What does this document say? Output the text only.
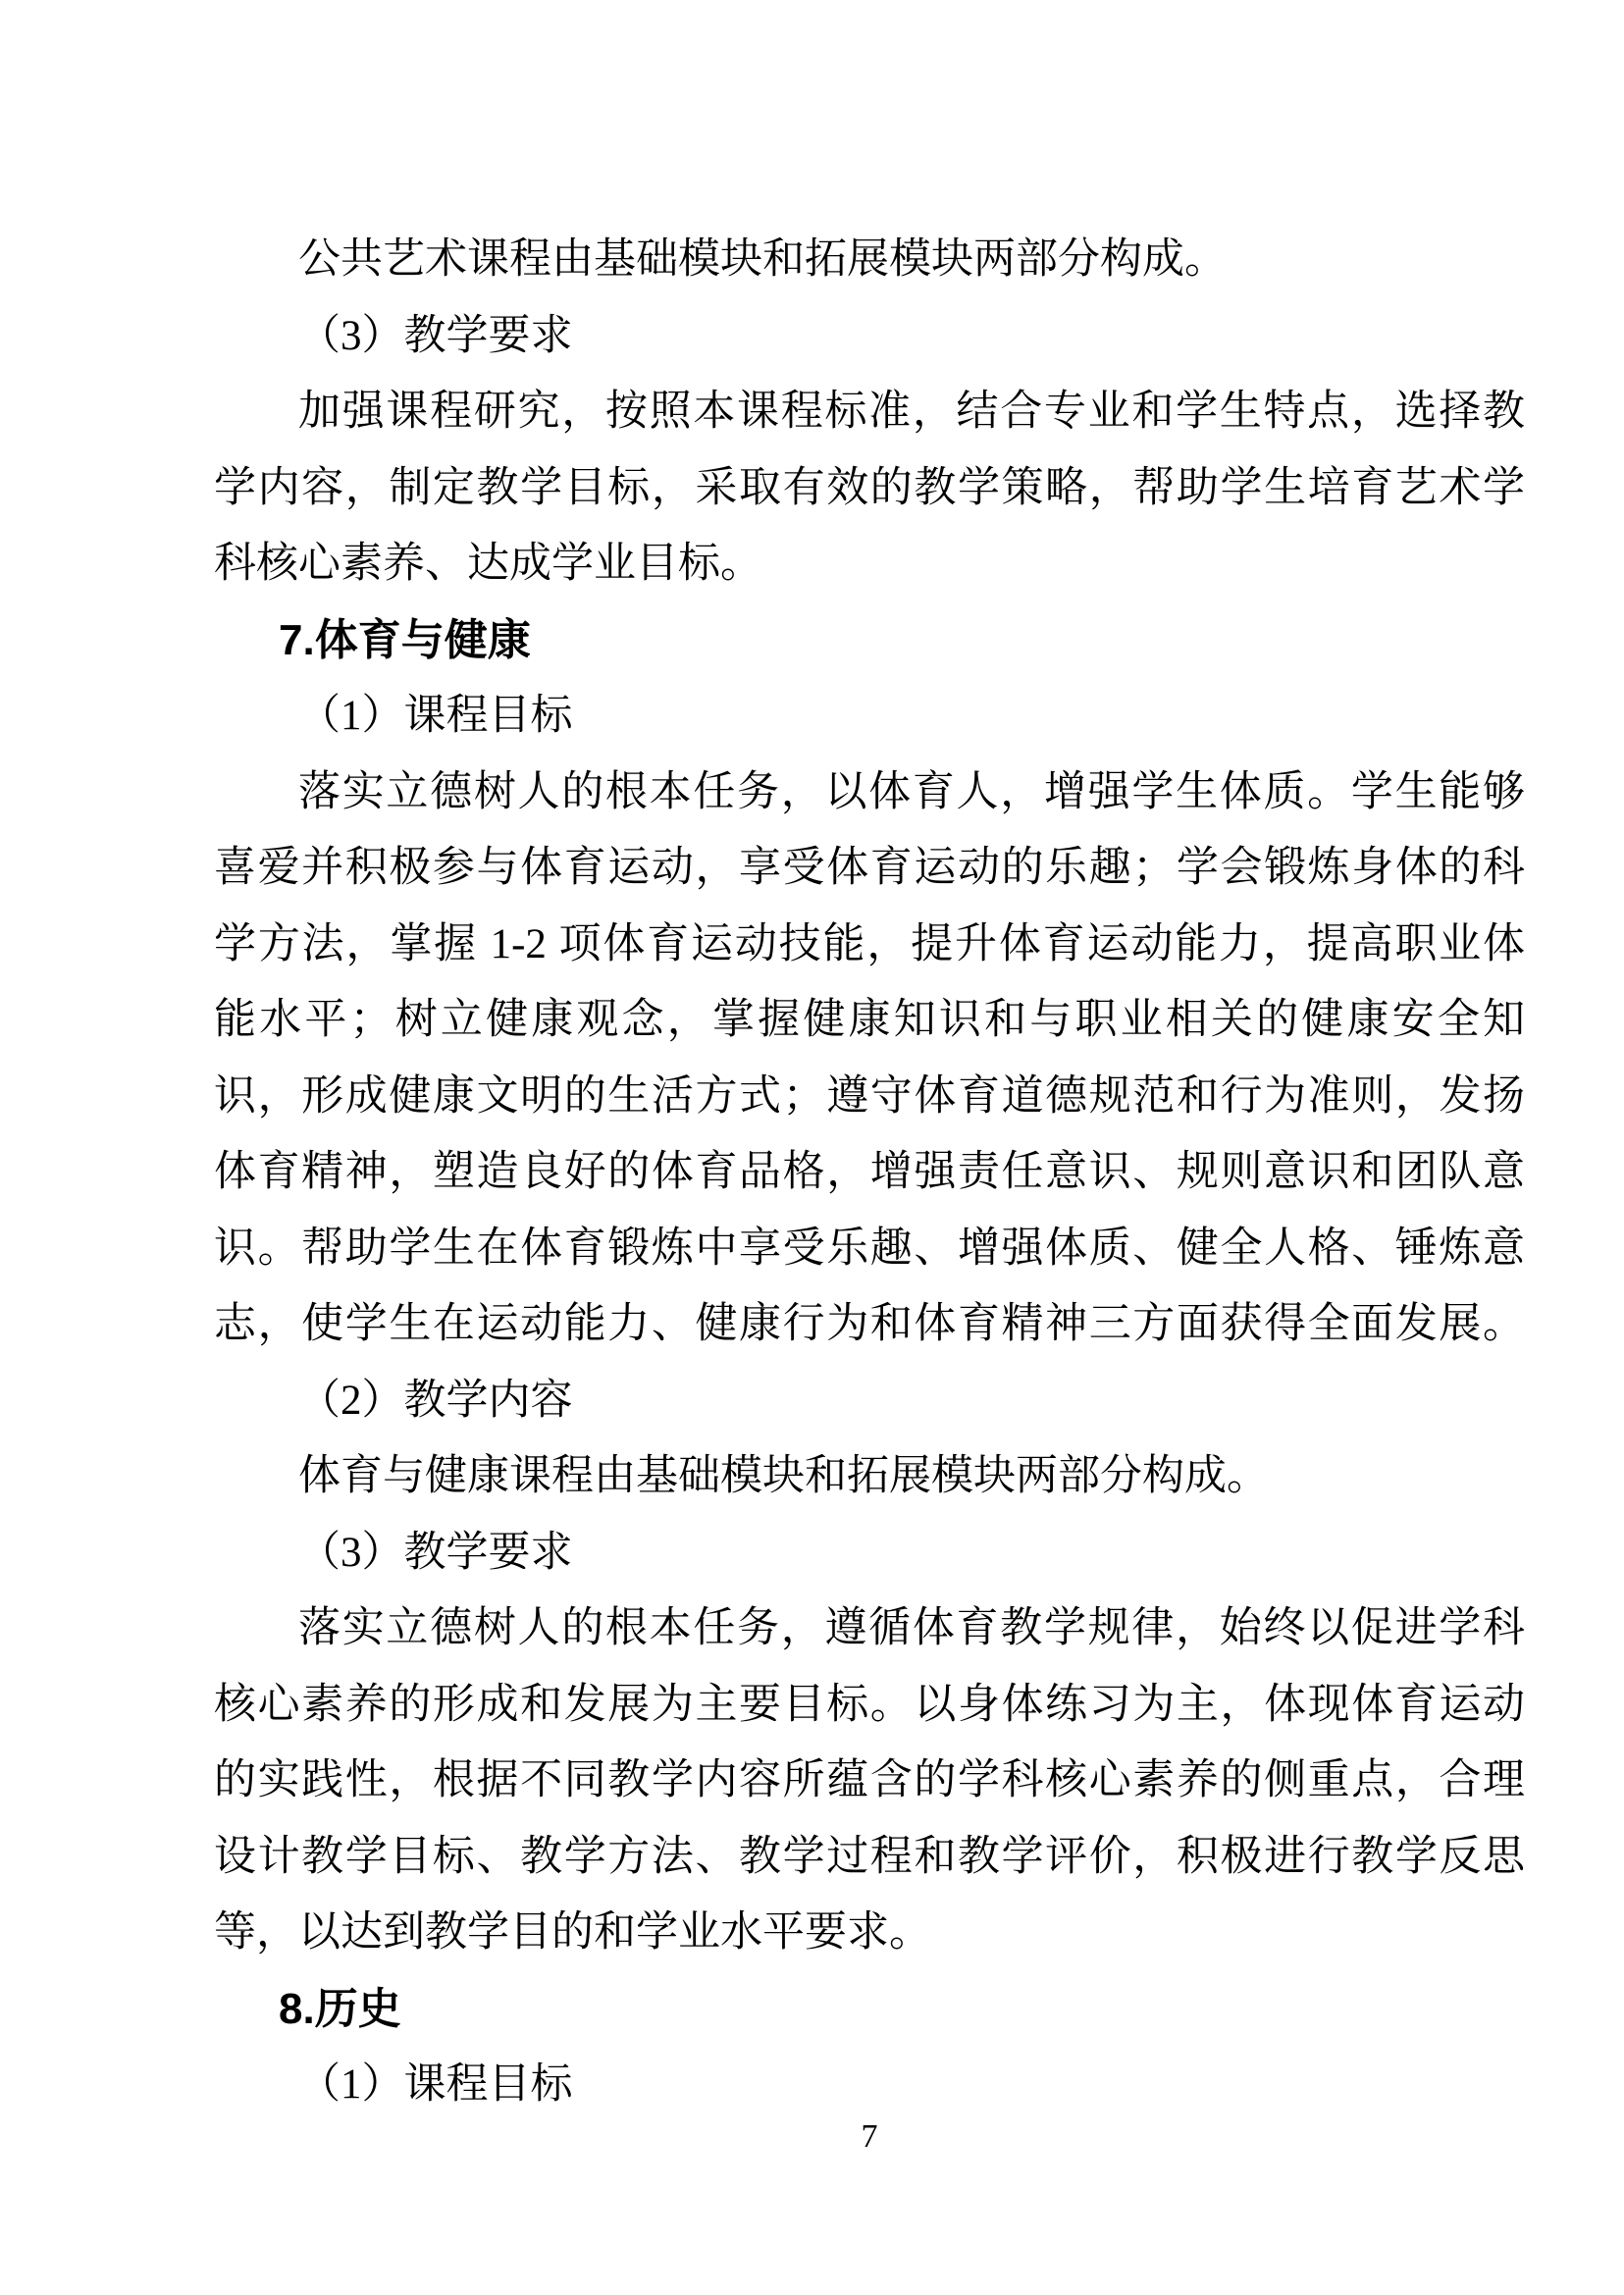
公共艺术课程由基础模块和拓展模块两部分构成。
（3）教学要求
加强课程研究，按照本课程标准，结合专业和学生特点，选择教
学内容，制定教学目标，采取有效的教学策略，帮助学生培育艺术学
科核心素养、达成学业目标。
7.体育与健康
（1）课程目标
落实立德树人的根本任务，以体育人，增强学生体质。学生能够
喜爱并积极参与体育运动，享受体育运动的乐趣；学会锻炼身体的科
学方法，掌握 1-2 项体育运动技能，提升体育运动能力，提高职业体
能水平；树立健康观念，掌握健康知识和与职业相关的健康安全知
识，形成健康文明的生活方式；遵守体育道德规范和行为准则，发扬
体育精神，塑造良好的体育品格，增强责任意识、规则意识和团队意
识。帮助学生在体育锻炼中享受乐趣、增强体质、健全人格、锤炼意
志，使学生在运动能力、健康行为和体育精神三方面获得全面发展。
（2）教学内容
体育与健康课程由基础模块和拓展模块两部分构成。
（3）教学要求
落实立德树人的根本任务，遵循体育教学规律，始终以促进学科
核心素养的形成和发展为主要目标。以身体练习为主，体现体育运动
的实践性，根据不同教学内容所蕴含的学科核心素养的侧重点，合理
设计教学目标、教学方法、教学过程和教学评价，积极进行教学反思
等，以达到教学目的和学业水平要求。
8.历史
（1）课程目标
7
